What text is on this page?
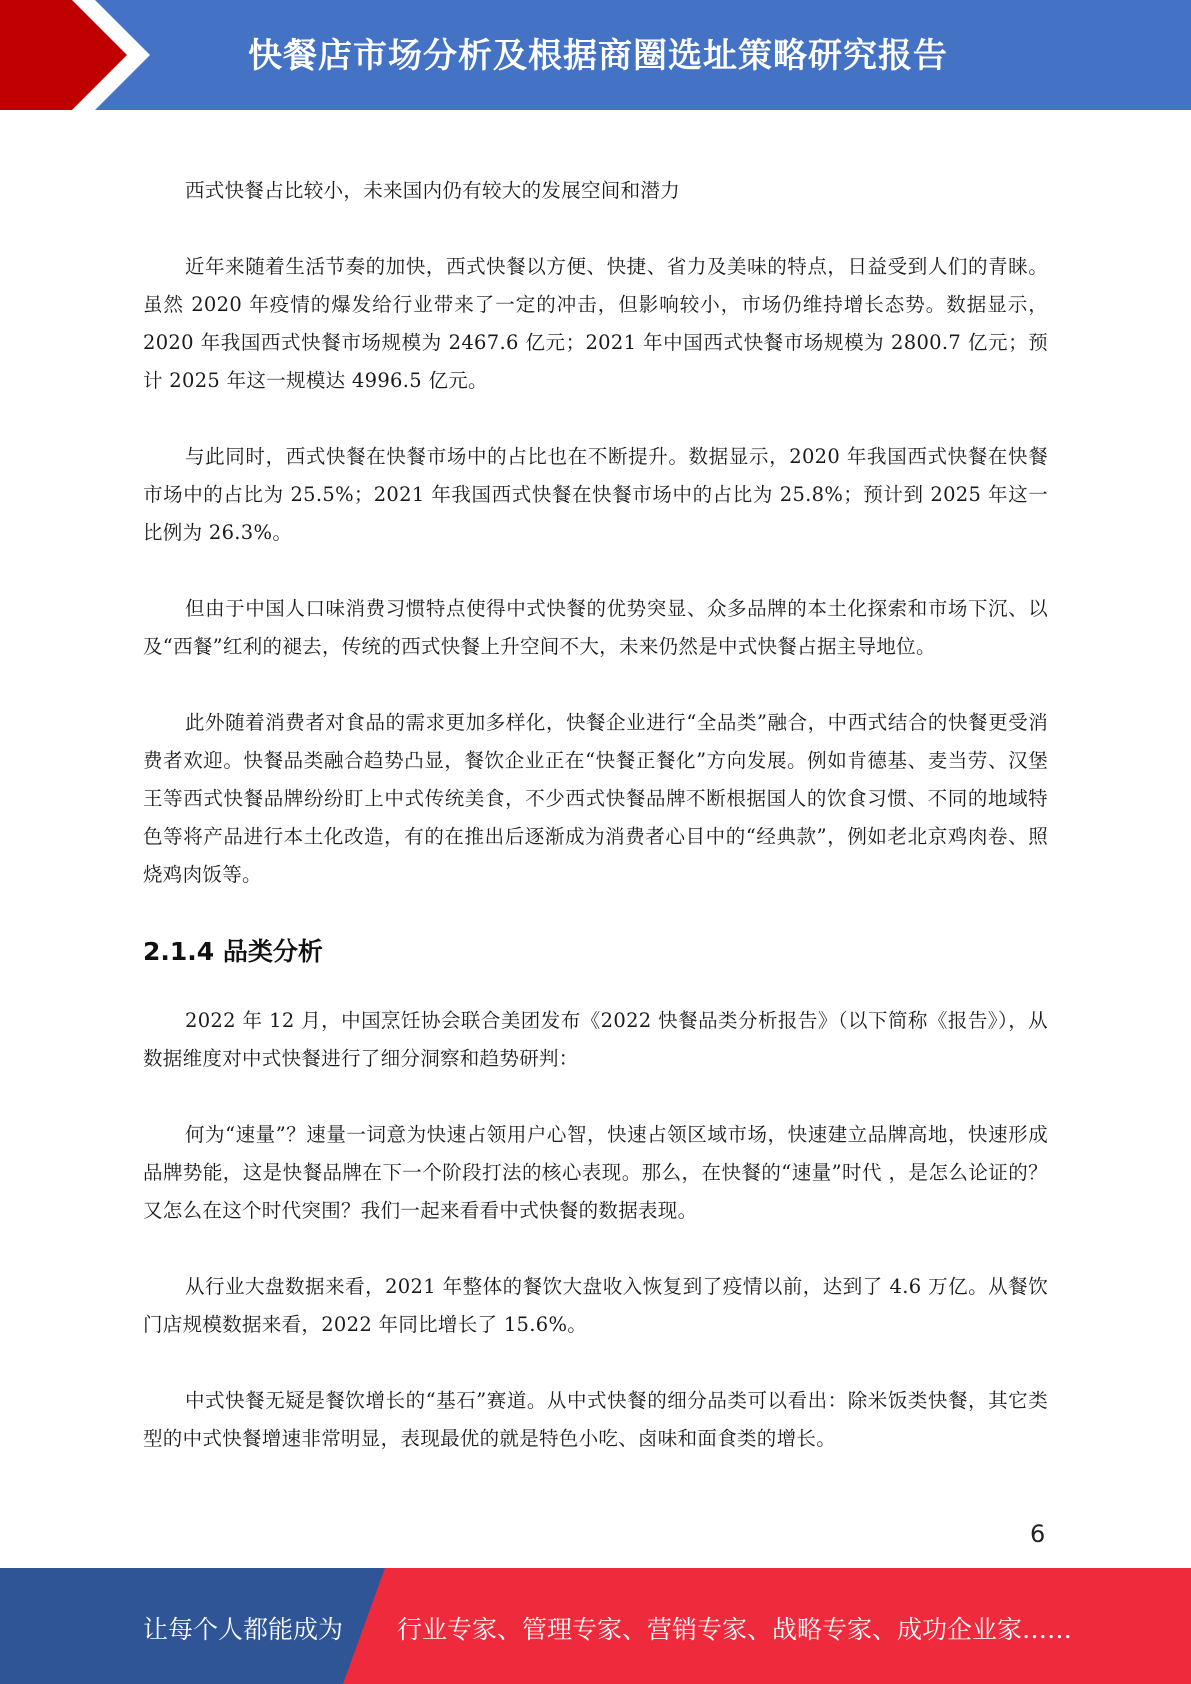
快餐店市场分析及根据商圈选址策略研究报告

西式快餐占比较小，未来国内仍有较大的发展空间和潜力

近年来随着生活节奏的加快，西式快餐以方便、快捷、省力及美味的特点，日益受到人们的青睐。虽然 2020 年疫情的爆发给行业带来了一定的冲击，但影响较小，市场仍维持增长态势。数据显示，2020 年我国西式快餐市场规模为 2467.6 亿元；2021 年中国西式快餐市场规模为 2800.7 亿元；预计 2025 年这一规模达 4996.5 亿元。

与此同时，西式快餐在快餐市场中的占比也在不断提升。数据显示，2020 年我国西式快餐在快餐市场中的占比为 25.5%；2021 年我国西式快餐在快餐市场中的占比为 25.8%；预计到 2025 年这一比例为 26.3%。

但由于中国人口味消费习惯特点使得中式快餐的优势突显、众多品牌的本土化探索和市场下沉、以及“西餐”红利的褪去，传统的西式快餐上升空间不大，未来仍然是中式快餐占据主导地位。

此外随着消费者对食品的需求更加多样化，快餐企业进行“全品类”融合，中西式结合的快餐更受消费者欢迎。快餐品类融合趋势凸显，餐饮企业正在“快餐正餐化”方向发展。例如肯德基、麦当劳、汉堡王等西式快餐品牌纷纷盯上中式传统美食，不少西式快餐品牌不断根据国人的饮食习惯、不同的地域特色等将产品进行本土化改造，有的在推出后逐渐成为消费者心目中的“经典款”，例如老北京鸡肉卷、照烧鸡肉饭等。

2.1.4 品类分析

2022 年 12 月，中国烹饪协会联合美团发布《2022 快餐品类分析报告》（以下简称《报告》），从数据维度对中式快餐进行了细分洞察和趋势研判：

何为“速量”？速量一词意为快速占领用户心智，快速占领区域市场，快速建立品牌高地，快速形成品牌势能，这是快餐品牌在下一个阶段打法的核心表现。那么，在快餐的“速量”时代 ，是怎么论证的？又怎么在这个时代突围？我们一起来看看中式快餐的数据表现。

从行业大盘数据来看，2021 年整体的餐饮大盘收入恢复到了疫情以前，达到了 4.6 万亿。从餐饮门店规模数据来看，2022 年同比增长了 15.6%。

中式快餐无疑是餐饮增长的“基石”赛道。从中式快餐的细分品类可以看出：除米饭类快餐，其它类型的中式快餐增速非常明显，表现最优的就是特色小吃、卤味和面食类的增长。

6
让每个人都能成为 行业专家、管理专家、营销专家、战略专家、成功企业家……
